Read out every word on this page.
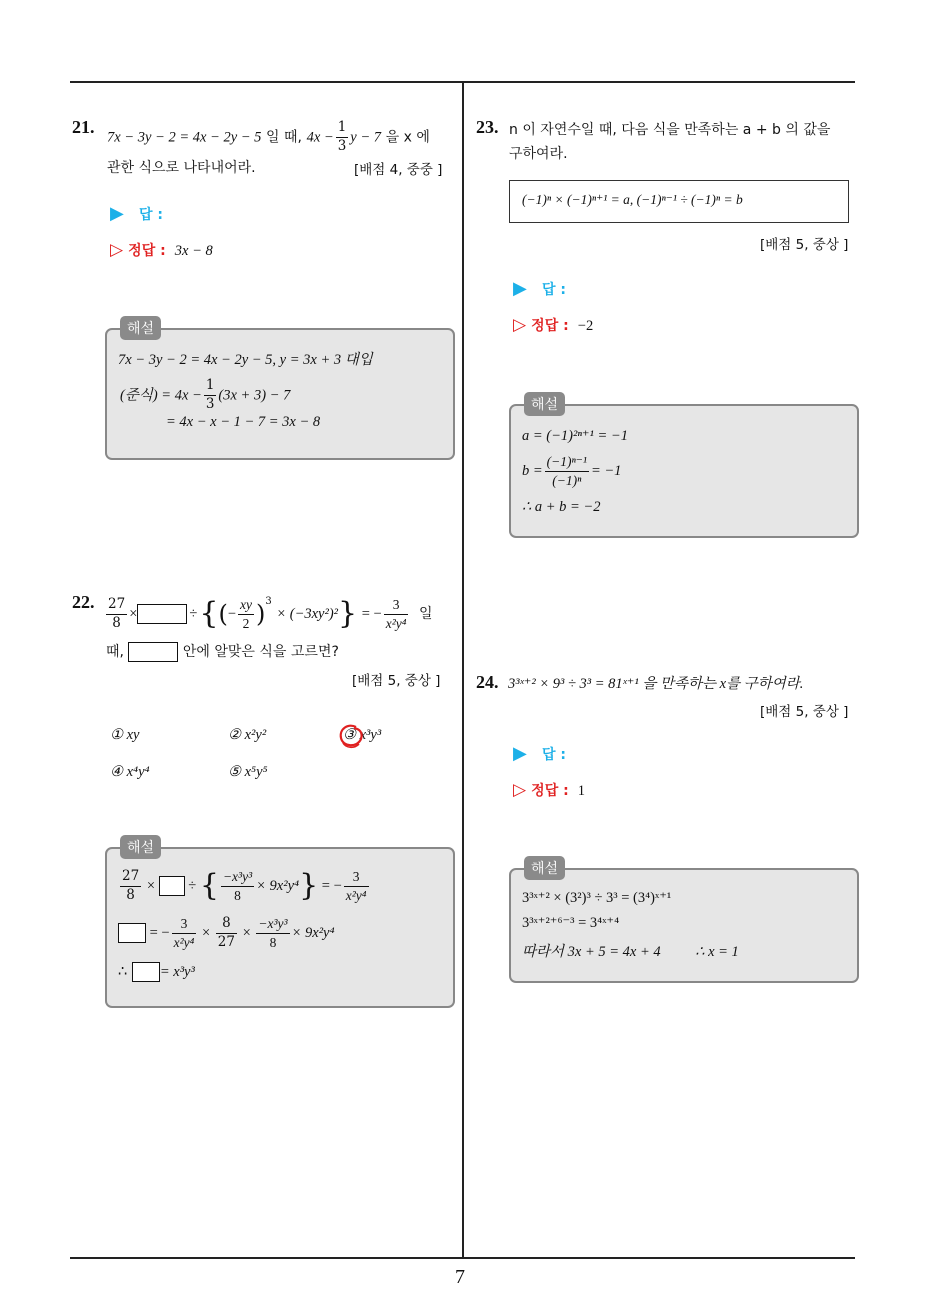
7
21.
7x − 3y − 2 = 4x − 2y − 5 일 때, $4x - \frac{1}{3}$ y − 7 을 x 에
관한 식으로 나타내어라.	[배점 4, 중중 ]
▶ 답 :
▷ 정답 : 3x − 8
해설
7x − 3y − 2 = 4x − 2y − 5, y = 3x + 3 대입
(준식) = $4x - \frac{1}{3} (3x + 3) - 7$
= 4x − x − 1 − 7 = 3x − 8
22. $\frac{27}{8}$ ×	÷{(− $\frac{xy}{2} )^3 \times (-3xy^2)^2$} = − $\frac{3}{\text{x²y⁴}}$ 일
때,	안에 알맞은 식을 고르면?
[배점 5, 중상 ]
① xy	② x²y²	③ x³y³
④ x⁴y⁴	⑤ x⁵y⁵
해설
$\frac{27}{8}$ ×  ÷ { $\frac{\text{−x³y³}}{8} \times 9x^2y^4$} = − $\frac{3}{\text{x²y⁴}}$
= − $\frac{3}{\text{x²y⁴}} \times \frac{8}{27} \times \frac{\text{−x³y³}}{8} \times 9x^2y^4$
∴ = x³y³
23. n 이 자연수일 때, 다음 식을 만족하는 a + b 의 값을
구하여라.
(−1)ⁿ × (−1)ⁿ⁺¹ = a, (−1)ⁿ⁻¹ ÷ (−1)ⁿ = b
[배점 5, 중상 ]
▶ 답 :
▷ 정답 : −2
해설
a = (−1)²ⁿ⁺¹ = −1
$b = \frac{\text{(−1)ⁿ⁻¹}}{\text{(−1)ⁿ}} = -1$
∴ a + b = −2
24. 3³ˣ⁺² × 9³ ÷ 3³ = 81ˣ⁺¹ 을 만족하는 x를 구하여라.
[배점 5, 중상 ]
▶ 답 :
▷ 정답 : 1
해설
3³ˣ⁺² × (3²)³ ÷ 3³ = (3⁴)ˣ⁺¹
3³ˣ⁺²⁺⁶⁻³ = 3⁴ˣ⁺⁴
따라서 3x + 5 = 4x + 4 ∴ x = 1
